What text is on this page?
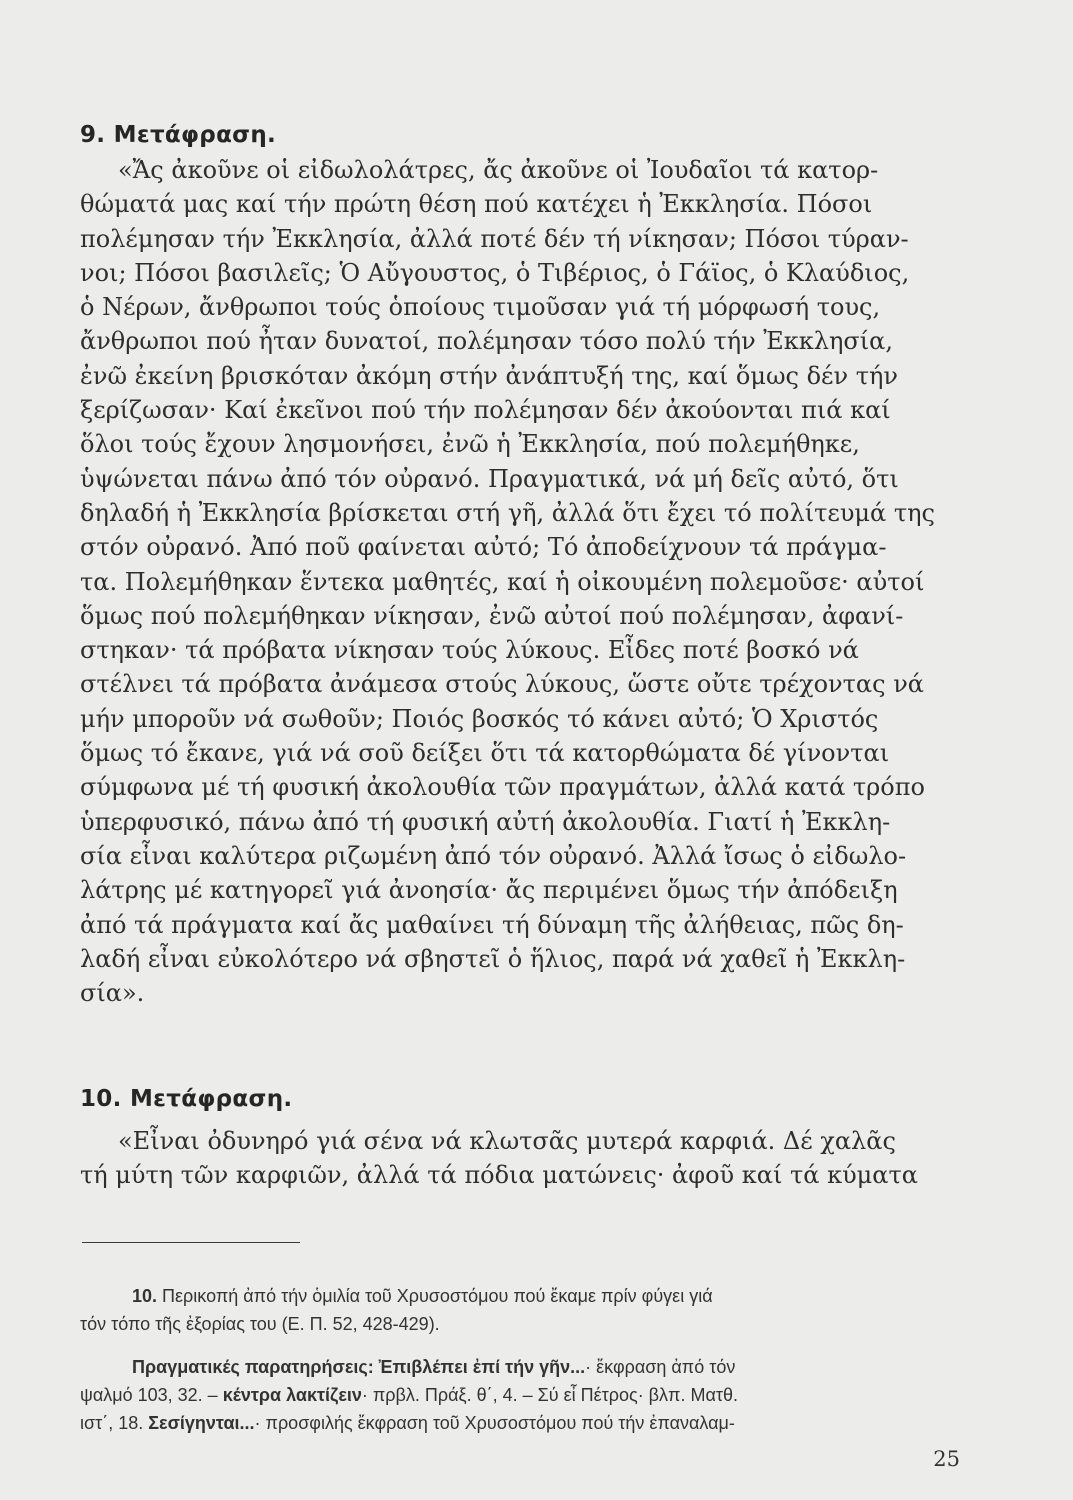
9. Μετάφραση.
«Ἄς ἀκοῦνε οἱ εἰδωλολάτρες, ἄς ἀκοῦνε οἱ Ἰουδαῖοι τά κατορ-
θώματά μας καί τήν πρώτη θέση πού κατέχει ἡ Ἐκκλησία. Πόσοι
πολέμησαν τήν Ἐκκλησία, ἀλλά ποτέ δέν τή νίκησαν; Πόσοι τύραν-
νοι; Πόσοι βασιλεῖς; Ὁ Αὔγουστος, ὁ Τιβέριος, ὁ Γάϊος, ὁ Κλαύδιος,
ὁ Νέρων, ἄνθρωποι τούς ὁποίους τιμοῦσαν γιά τή μόρφωσή τους,
ἄνθρωποι πού ἦταν δυνατοί, πολέμησαν τόσο πολύ τήν Ἐκκλησία,
ἐνῶ ἐκείνη βρισκόταν ἀκόμη στήν ἀνάπτυξή της, καί ὅμως δέν τήν
ξερίζωσαν· Καί ἐκεῖνοι πού τήν πολέμησαν δέν ἀκούονται πιά καί
ὅλοι τούς ἔχουν λησμονήσει, ἐνῶ ἡ Ἐκκλησία, πού πολεμήθηκε,
ὑψώνεται πάνω ἀπό τόν οὐρανό. Πραγματικά, νά μή δεῖς αὐτό, ὅτι
δηλαδή ἡ Ἐκκλησία βρίσκεται στή γῆ, ἀλλά ὅτι ἔχει τό πολίτευμά της
στόν οὐρανό. Ἀπό ποῦ φαίνεται αὐτό; Τό ἀποδείχνουν τά πράγμα-
τα. Πολεμήθηκαν ἕντεκα μαθητές, καί ἡ οἰκουμένη πολεμοῦσε· αὐτοί
ὅμως πού πολεμήθηκαν νίκησαν, ἐνῶ αὐτοί πού πολέμησαν, ἀφανί-
στηκαν· τά πρόβατα νίκησαν τούς λύκους. Εἶδες ποτέ βοσκό νά
στέλνει τά πρόβατα ἀνάμεσα στούς λύκους, ὥστε οὔτε τρέχοντας νά
μήν μποροῦν νά σωθοῦν; Ποιός βοσκός τό κάνει αὐτό; Ὁ Χριστός
ὅμως τό ἔκανε, γιά νά σοῦ δείξει ὅτι τά κατορθώματα δέ γίνονται
σύμφωνα μέ τή φυσική ἀκολουθία τῶν πραγμάτων, ἀλλά κατά τρόπο
ὑπερφυσικό, πάνω ἀπό τή φυσική αὐτή ἀκολουθία. Γιατί ἡ Ἐκκλη-
σία εἶναι καλύτερα ριζωμένη ἀπό τόν οὐρανό. Ἀλλά ἴσως ὁ εἰδωλο-
λάτρης μέ κατηγορεῖ γιά ἀνοησία· ἄς περιμένει ὅμως τήν ἀπόδειξη
ἀπό τά πράγματα καί ἄς μαθαίνει τή δύναμη τῆς ἀλήθειας, πῶς δη-
λαδή εἶναι εὐκολότερο νά σβηστεῖ ὁ ἥλιος, παρά νά χαθεῖ ἡ Ἐκκλη-
σία».
10. Μετάφραση.
«Εἶναι ὀδυνηρό γιά σένα νά κλωτσᾶς μυτερά καρφιά. Δέ χαλᾶς
τή μύτη τῶν καρφιῶν, ἀλλά τά πόδια ματώνεις· ἀφοῦ καί τά κύματα
10. Περικοπή ἀπό τήν ὁμιλία τοῦ Χρυσοστόμου πού ἔκαμε πρίν φύγει γιά
τόν τόπο τῆς ἐξορίας του (Ε. Π. 52, 428-429).
Πραγματικές παρατηρήσεις: Ἐπιβλέπει ἐπί τήν γῆν...· ἔκφραση ἀπό τόν
ψαλμό 103, 32. – κέντρα λακτίζειν· πρβλ. Πράξ. θ΄, 4. – Σύ εἶ Πέτρος· βλπ. Ματθ.
ιστ΄, 18. Σεσίγηνται...· προσφιλής ἔκφραση τοῦ Χρυσοστόμου πού τήν ἐπαναλαμ-
25
